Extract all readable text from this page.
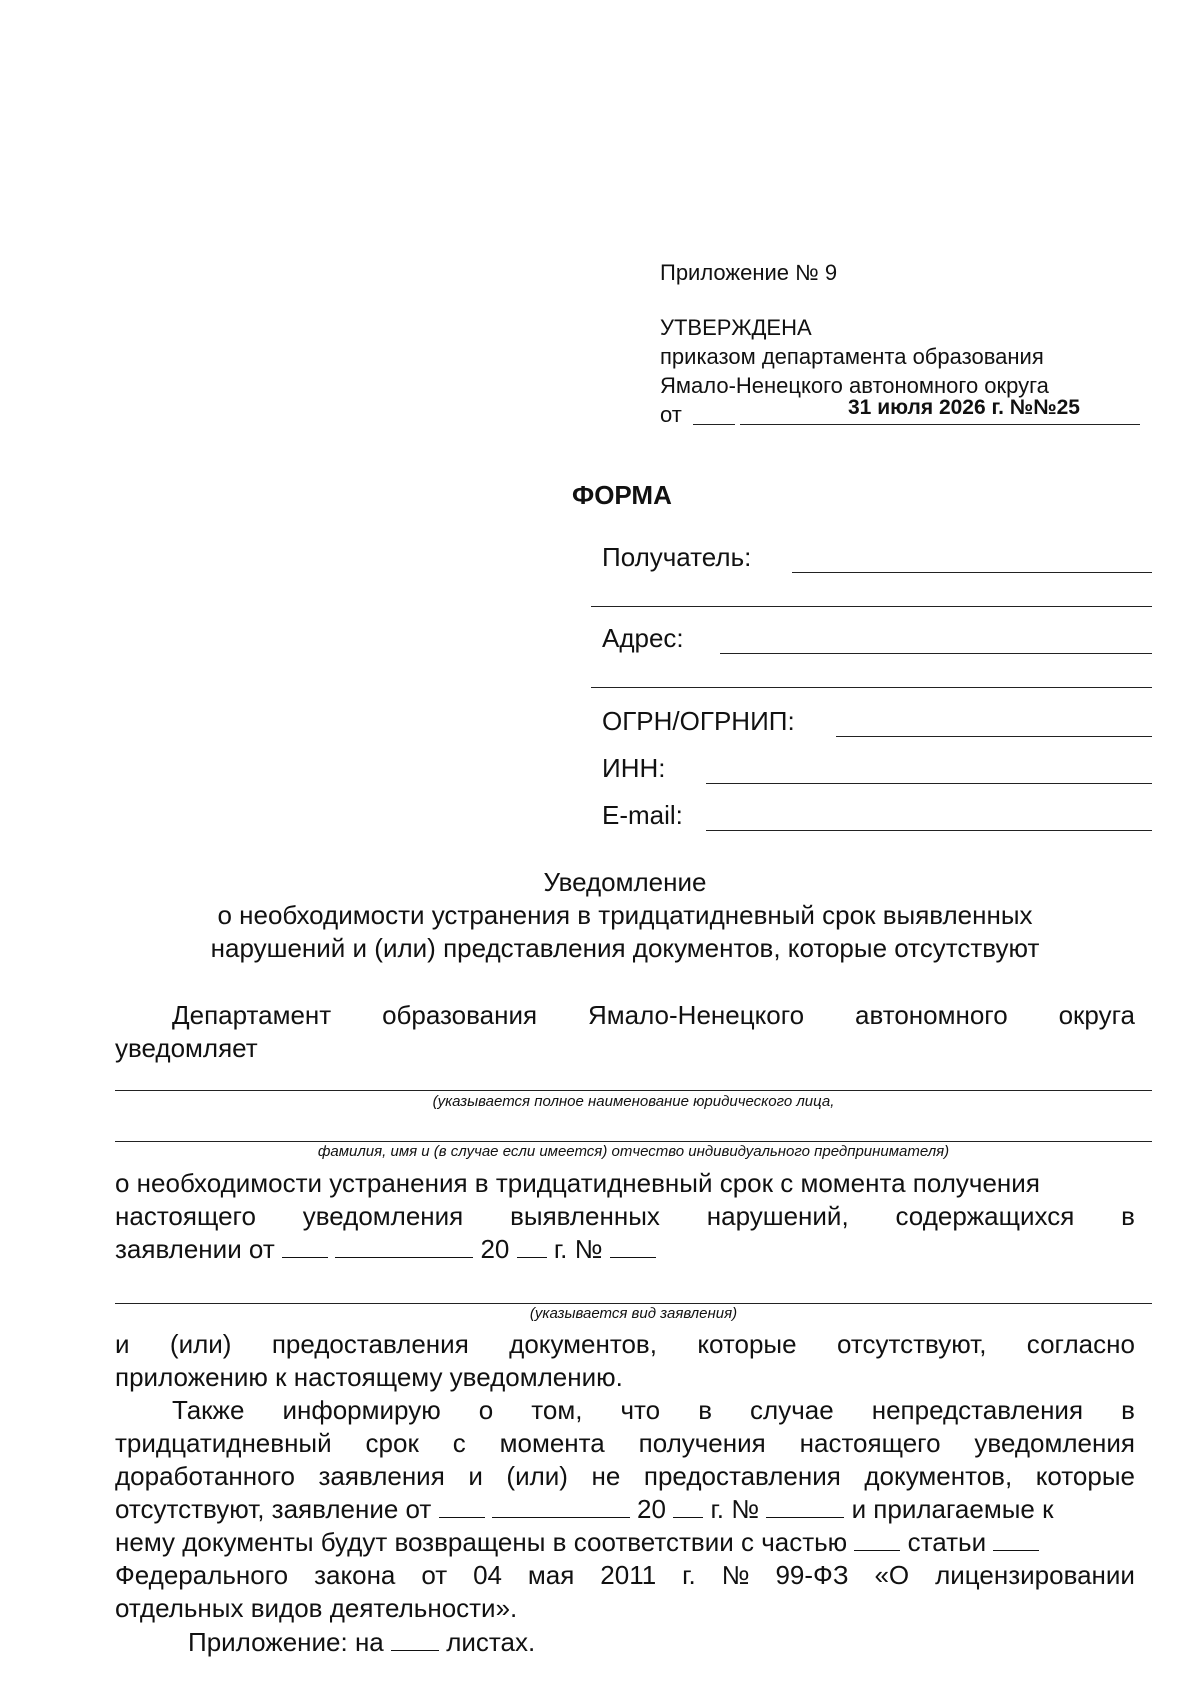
Приложение № 9
УТВЕРЖДЕНА
приказом департамента образования
Ямало-Ненецкого автономного округа
от	31 июля 2026 г. №№25
ФОРМА
Получатель:
Адрес:
ОГРН/ОГРНИП:
ИНН:
E-mail:
Уведомление
о необходимости устранения в тридцатидневный срок выявленных
нарушений и (или) представления документов, которые отсутствуют
Департамент образования Ямало-Ненецкого автономного округа
уведомляет
(указывается полное наименование юридического лица,
фамилия, имя и (в случае если имеется) отчество индивидуального предпринимателя)
о необходимости устранения в тридцатидневный срок с момента получения
настоящего уведомления выявленных нарушений, содержащихся в
заявлении от	20 г. №
(указывается вид заявления)
и (или) предоставления документов, которые отсутствуют, согласно
приложению к настоящему уведомлению.
Также информирую о том, что в случае непредставления в
тридцатидневный срок с момента получения настоящего уведомления
доработанного заявления и (или) не предоставления документов, которые
отсутствуют, заявление от	20 г. №	и прилагаемые к
нему документы будут возвращены в соответствии с частью статьи
Федерального закона от 04 мая 2011 г. № 99-ФЗ «О лицензировании
отдельных видов деятельности».
Приложение: на листах.
